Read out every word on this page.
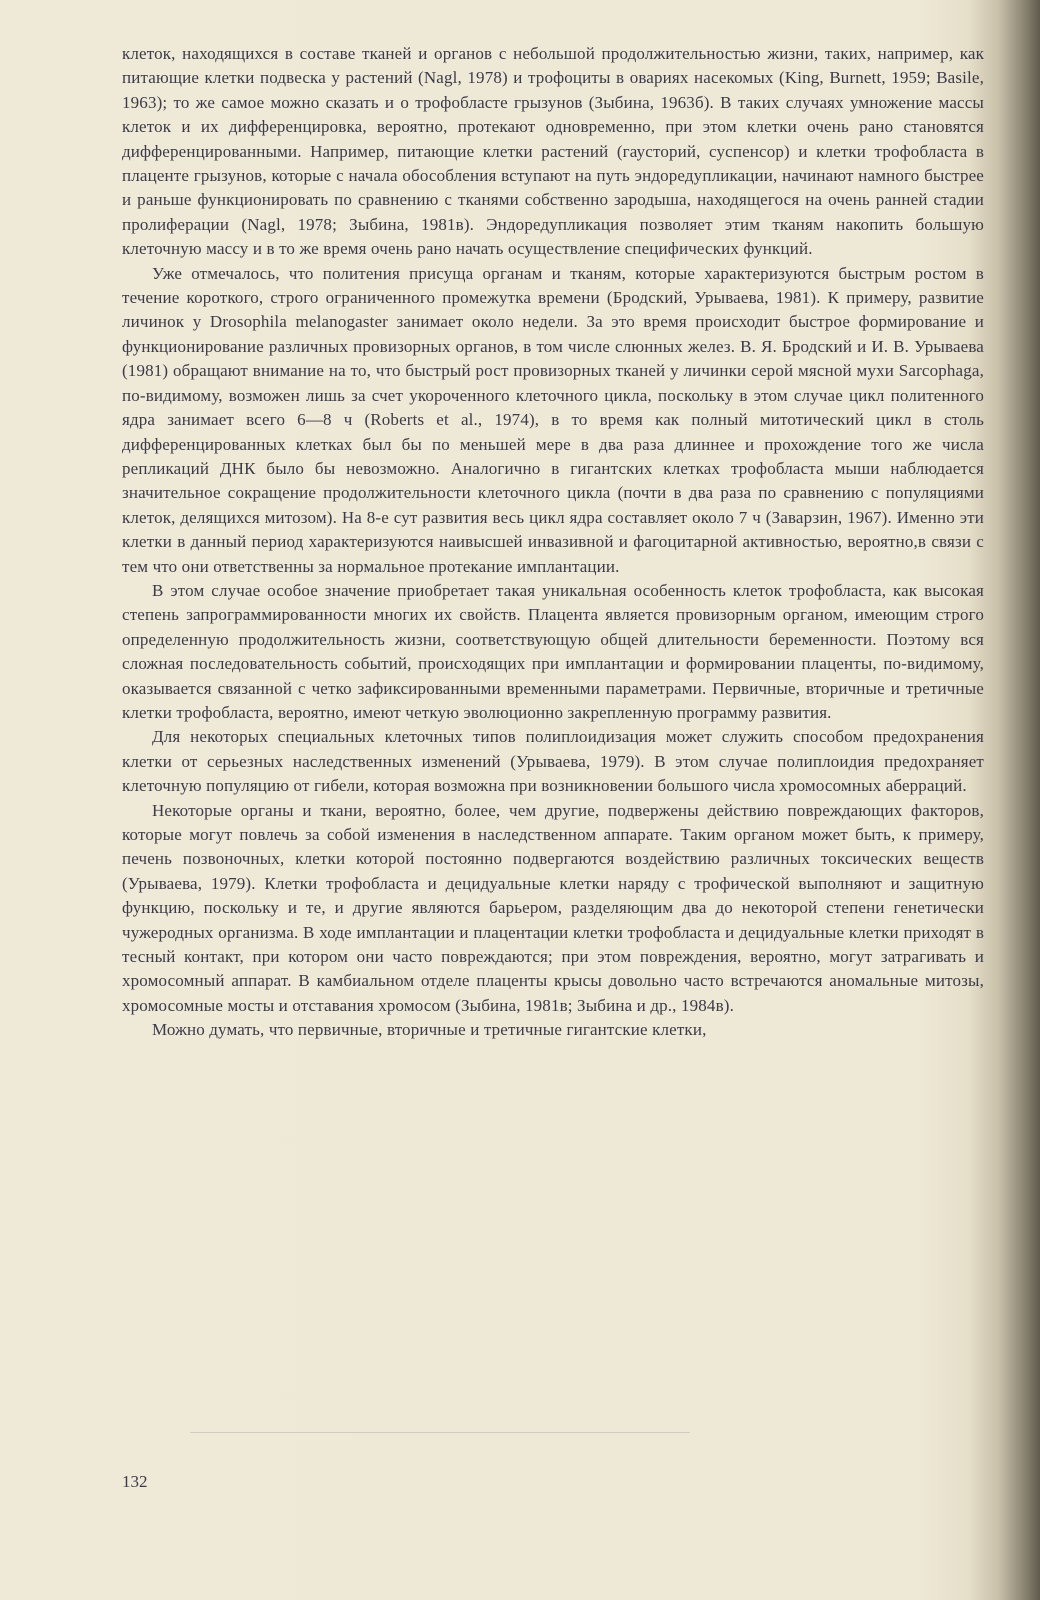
клеток, находящихся в составе тканей и органов с небольшой продолжительностью жизни, таких, например, как питающие клетки подвеска у растений (Nagl, 1978) и трофоциты в овариях насекомых (King, Burnett, 1959; Basile, 1963); то же самое можно сказать и о трофобласте грызунов (Зыбина, 1963б). В таких случаях умножение массы клеток и их дифференцировка, вероятно, протекают одновременно, при этом клетки очень рано становятся дифференцированными. Например, питающие клетки растений (гаусторий, суспенсор) и клетки трофобласта в плаценте грызунов, которые с начала обособления вступают на путь эндоредупликации, начинают намного быстрее и раньше функционировать по сравнению с тканями собственно зародыша, находящегося на очень ранней стадии пролиферации (Nagl, 1978; Зыбина, 1981в). Эндоредупликация позволяет этим тканям накопить большую клеточную массу и в то же время очень рано начать осуществление специфических функций.

Уже отмечалось, что политения присуща органам и тканям, которые характеризуются быстрым ростом в течение короткого, строго ограниченного промежутка времени (Бродский, Урываева, 1981). К примеру, развитие личинок у Drosophila melanogaster занимает около недели. За это время происходит быстрое формирование и функционирование различных провизорных органов, в том числе слюнных желез. В. Я. Бродский и И. В. Урываева (1981) обращают внимание на то, что быстрый рост провизорных тканей у личинки серой мясной мухи Sarcophaga, по-видимому, возможен лишь за счет укороченного клеточного цикла, поскольку в этом случае цикл политенного ядра занимает всего 6—8 ч (Roberts et al., 1974), в то время как полный митотический цикл в столь дифференцированных клетках был бы по меньшей мере в два раза длиннее и прохождение того же числа репликаций ДНК было бы невозможно. Аналогично в гигантских клетках трофобласта мыши наблюдается значительное сокращение продолжительности клеточного цикла (почти в два раза по сравнению с популяциями клеток, делящихся митозом). На 8-е сут развития весь цикл ядра составляет около 7 ч (Заварзин, 1967). Именно эти клетки в данный период характеризуются наивысшей инвазивной и фагоцитарной активностью, вероятно,в связи с тем что они ответственны за нормальное протекание имплантации.

В этом случае особое значение приобретает такая уникальная особенность клеток трофобласта, как высокая степень запрограммированности многих их свойств. Плацента является провизорным органом, имеющим строго определенную продолжительность жизни, соответствующую общей длительности беременности. Поэтому вся сложная последовательность событий, происходящих при имплантации и формировании плаценты, по-видимому, оказывается связанной с четко зафиксированными временными параметрами. Первичные, вторичные и третичные клетки трофобласта, вероятно, имеют четкую эволюционно закрепленную программу развития.

Для некоторых специальных клеточных типов полиплоидизация может служить способом предохранения клетки от серьезных наследственных изменений (Урываева, 1979). В этом случае полиплоидия предохраняет клеточную популяцию от гибели, которая возможна при возникновении большого числа хромосомных аберраций.

Некоторые органы и ткани, вероятно, более, чем другие, подвержены действию повреждающих факторов, которые могут повлечь за собой изменения в наследственном аппарате. Таким органом может быть, к примеру, печень позвоночных, клетки которой постоянно подвергаются воздействию различных токсических веществ (Урываева, 1979). Клетки трофобласта и децидуальные клетки наряду с трофической выполняют и защитную функцию, поскольку и те, и другие являются барьером, разделяющим два до некоторой степени генетически чужеродных организма. В ходе имплантации и плацентации клетки трофобласта и децидуальные клетки приходят в тесный контакт, при котором они часто повреждаются; при этом повреждения, вероятно, могут затрагивать и хромосомный аппарат. В камбиальном отделе плаценты крысы довольно часто встречаются аномальные митозы, хромосомные мосты и отставания хромосом (Зыбина, 1981в; Зыбина и др., 1984в).

Можно думать, что первичные, вторичные и третичные гигантские клетки,

132
